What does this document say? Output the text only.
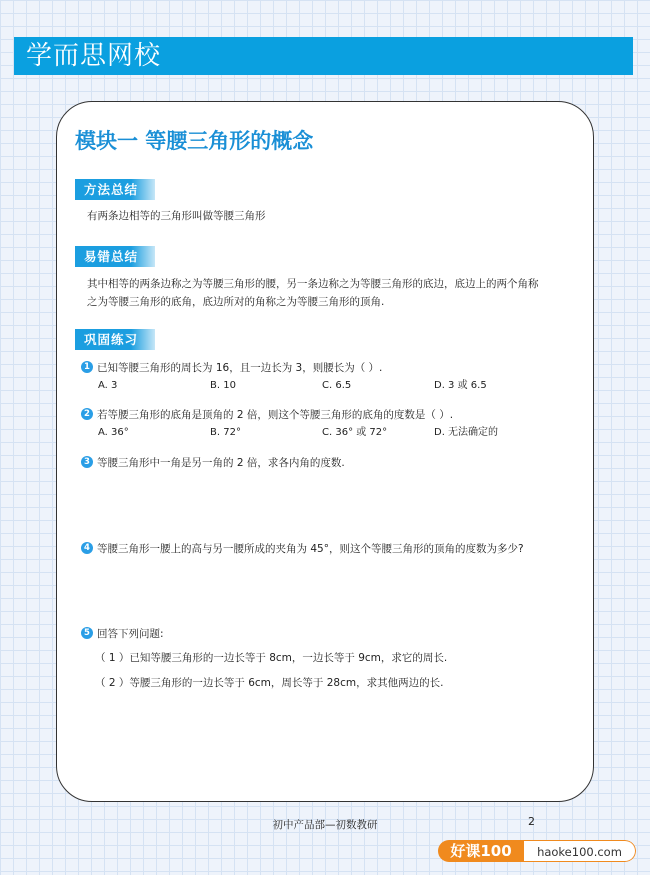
学而思网校
模块一 等腰三角形的概念
方法总结

有两条边相等的三角形叫做等腰三角形

易错总结

其中相等的两条边称之为等腰三角形的腰，另一条边称之为等腰三角形的底边，底边上的两个角称

之为等腰三角形的底角，底边所对的角称之为等腰三角形的顶角.

巩固练习
1 已知等腰三角形的周长为 16，且一边长为 3，则腰长为（ ）.
A. 3	B. 10	C. 6.5	D. 3 或 6.5
2 若等腰三角形的底角是顶角的 2 倍，则这个等腰三角形的底角的度数是（ ）.
A. 36°	B. 72°	C. 36° 或 72°	D. 无法确定的
3 等腰三角形中一角是另一角的 2 倍，求各内角的度数.
4 等腰三角形一腰上的高与另一腰所成的夹角为 45°，则这个等腰三角形的顶角的度数为多少?
5 回答下列问题:
（ 1 ）已知等腰三角形的一边长等于 8cm，一边长等于 9cm，求它的周长.
（ 2 ）等腰三角形的一边长等于 6cm，周长等于 28cm，求其他两边的长.
初中产品部—初数教研	2
好课100	haoke100.com
